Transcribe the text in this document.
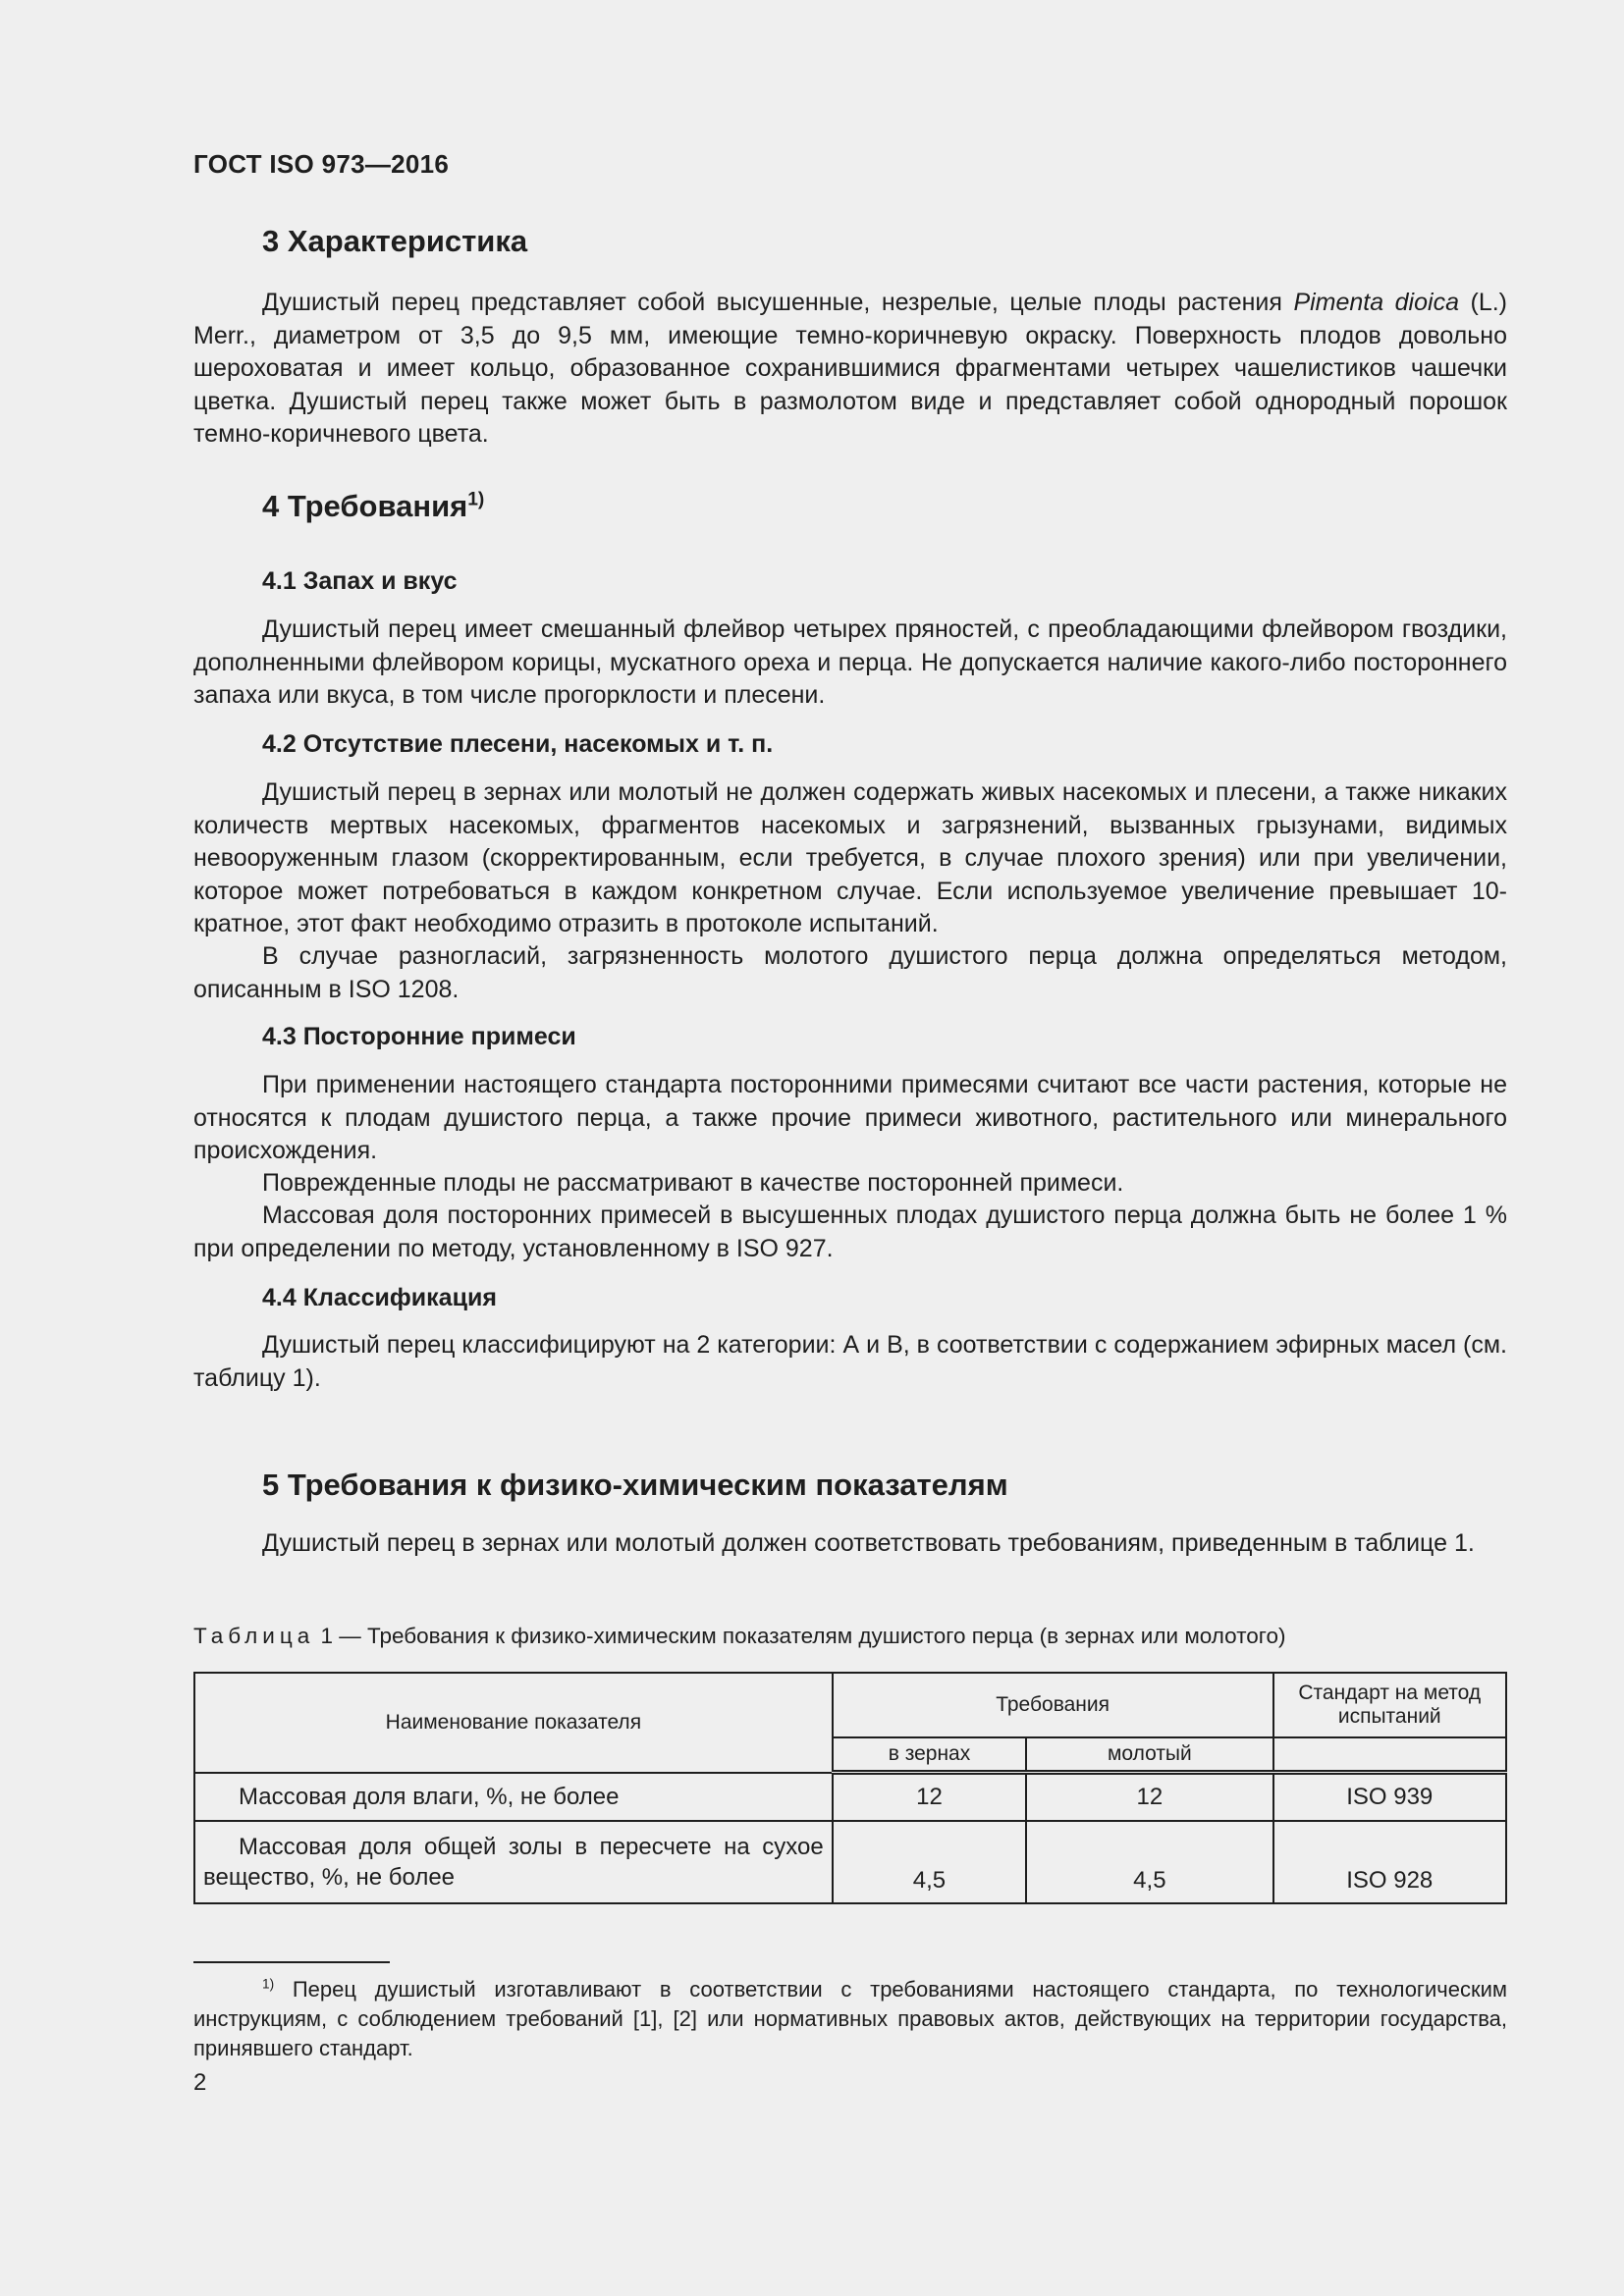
ГОСТ ISO 973—2016
3 Характеристика

Душистый перец представляет собой высушенные, незрелые, целые плоды растения Pimenta dioica (L.) Merr., диаметром от 3,5 до 9,5 мм, имеющие темно-коричневую окраску. Поверхность плодов довольно шероховатая и имеет кольцо, образованное сохранившимися фрагментами четырех чашелистиков чашечки цветка. Душистый перец также может быть в размолотом виде и представляет собой однородный порошок темно-коричневого цвета.

4 Требования$^{1)}$
4.1 Запах и вкус

Душистый перец имеет смешанный флейвор четырех пряностей, с преобладающими флейвором гвоздики, дополненными флейвором корицы, мускатного ореха и перца. Не допускается наличие какого-либо постороннего запаха или вкуса, в том числе прогорклости и плесени.

4.2 Отсутствие плесени, насекомых и т. п.

Душистый перец в зернах или молотый не должен содержать живых насекомых и плесени, а также никаких количеств мертвых насекомых, фрагментов насекомых и загрязнений, вызванных грызунами, видимых невооруженным глазом (скорректированным, если требуется, в случае плохого зрения) или при увеличении, которое может потребоваться в каждом конкретном случае. Если используемое увеличение превышает 10-кратное, этот факт необходимо отразить в протоколе испытаний.

В случае разногласий, загрязненность молотого душистого перца должна определяться методом, описанным в ISO 1208.

4.3 Посторонние примеси

При применении настоящего стандарта посторонними примесями считают все части растения, которые не относятся к плодам душистого перца, а также прочие примеси животного, растительного или минерального происхождения.

Поврежденные плоды не рассматривают в качестве посторонней примеси.

Массовая доля посторонних примесей в высушенных плодах душистого перца должна быть не более 1 % при определении по методу, установленному в ISO 927.

4.4 Классификация

Душистый перец классифицируют на 2 категории: А и В, в соответствии с содержанием эфирных масел (см. таблицу 1).

5 Требования к физико-химическим показателям

Душистый перец в зернах или молотый должен соответствовать требованиям, приведенным в таблице 1.

Таблица 1 — Требования к физико-химическим показателям душистого перца (в зернах или молотого)
Наименование показателя	Требования		Стандарт на метод испытаний
	в зернах	молотый	
Массовая доля влаги, %, не более	12	12	ISO 939
Массовая доля общей золы в пересчете на сухое вещество, %, не более	4,5	4,5	ISO 928
$^{1)}$ Перец душистый изготавливают в соответствии с требованиями настоящего стандарта, по технологическим инструкциям, с соблюдением требований [1], [2] или нормативных правовых актов, действующих на территории государства, принявшего стандарт.
2
